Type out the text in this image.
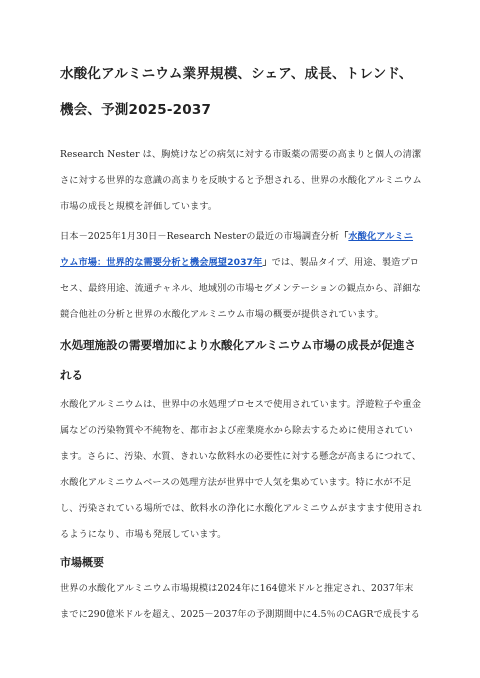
水酸化アルミニウム業界規模、シェア、成長、トレンド、機会、予測2025-2037

Research Nester は、胸焼けなどの病気に対する市販薬の需要の高まりと個人の清潔さに対する世界的な意識の高まりを反映すると予想される、世界の水酸化アルミニウム市場の成長と規模を評価しています。

日本－2025年1月30日－Research Nesterの最近の市場調査分析「水酸化アルミニウム市場：世界的な需要分析と機会展望2037年」では、製品タイプ、用途、製造プロセス、最終用途、流通チャネル、地域別の市場セグメンテーションの観点から、詳細な競合他社の分析と世界の水酸化アルミニウム市場の概要が提供されています。

水処理施設の需要増加により水酸化アルミニウム市場の成長が促進される

水酸化アルミニウムは、世界中の水処理プロセスで使用されています。浮遊粒子や重金属などの汚染物質や不純物を、都市および産業廃水から除去するために使用されています。さらに、汚染、水質、きれいな飲料水の必要性に対する懸念が高まるにつれて、水酸化アルミニウムベースの処理方法が世界中で人気を集めています。特に水が不足し、汚染されている場所では、飲料水の浄化に水酸化アルミニウムがますます使用されるようになり、市場も発展しています。

市場概要

世界の水酸化アルミニウム市場規模は2024年に164億米ドルと推定され、2037年末までに290億米ドルを超え、2025－2037年の予測期間中に4.5％のCAGRで成長する
